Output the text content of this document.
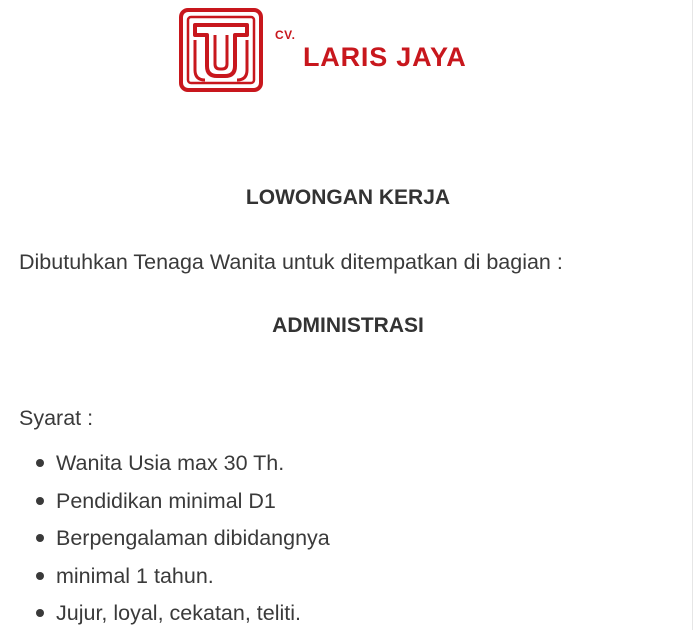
CV.
LARIS JAYA
LOWONGAN KERJA
Dibutuhkan Tenaga Wanita untuk ditempatkan di bagian :
ADMINISTRASI
Syarat :
Wanita Usia max 30 Th.
Pendidikan minimal D1
Berpengalaman dibidangnya
minimal 1 tahun.
Jujur, loyal, cekatan, teliti.
